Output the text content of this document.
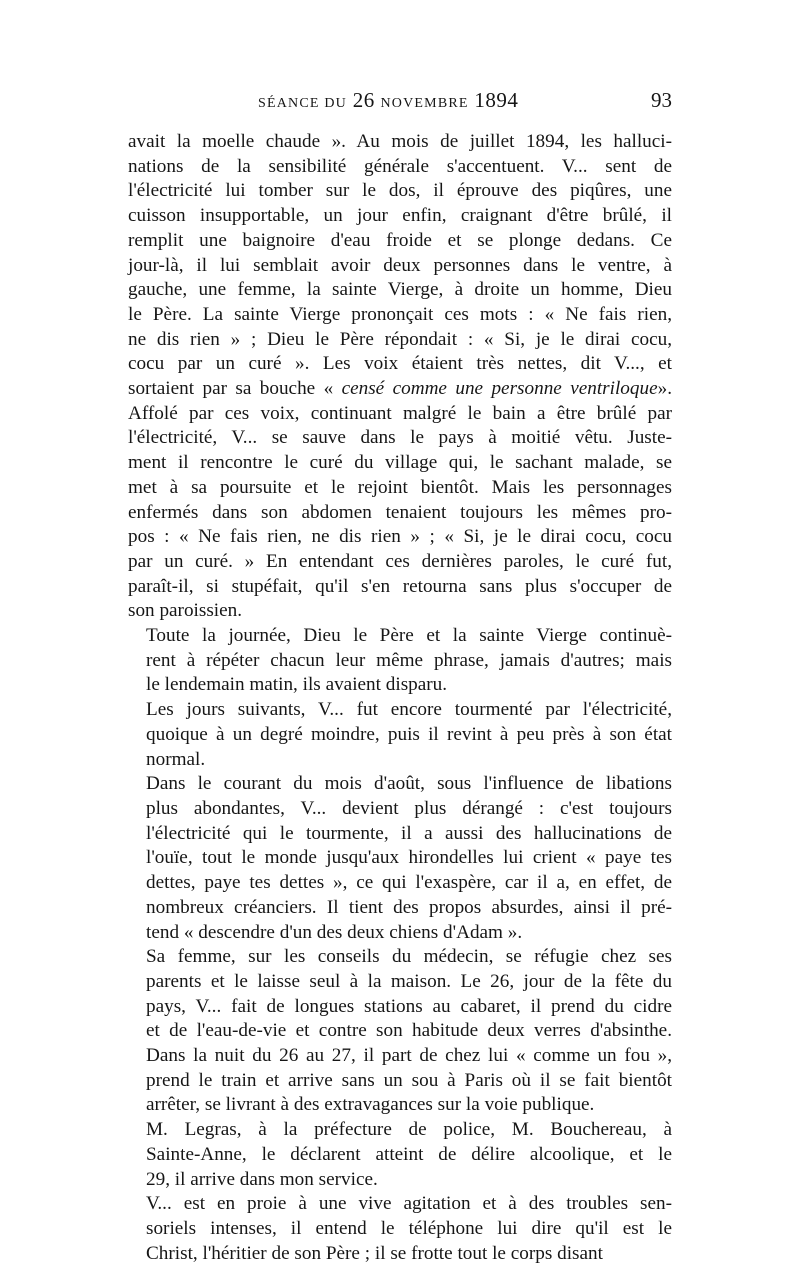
SÉANCE DU 26 NOVEMBRE 1894	93

avait la moelle chaude ». Au mois de juillet 1894, les halluci-
nations de la sensibilité générale s'accentuent. V... sent de
l'électricité lui tomber sur le dos, il éprouve des piqûres, une
cuisson insupportable, un jour enfin, craignant d'être brûlé, il
remplit une baignoire d'eau froide et se plonge dedans. Ce
jour-là, il lui semblait avoir deux personnes dans le ventre, à
gauche, une femme, la sainte Vierge, à droite un homme, Dieu
le Père. La sainte Vierge prononçait ces mots : « Ne fais rien,
ne dis rien » ; Dieu le Père répondait : « Si, je le dirai cocu,
cocu par un curé ». Les voix étaient très nettes, dit V..., et
sortaient par sa bouche « censé comme une personne ventriloque».
Affolé par ces voix, continuant malgré le bain a être brûlé par
l'électricité, V... se sauve dans le pays à moitié vêtu. Juste-
ment il rencontre le curé du village qui, le sachant malade, se
met à sa poursuite et le rejoint bientôt. Mais les personnages
enfermés dans son abdomen tenaient toujours les mêmes pro-
pos : « Ne fais rien, ne dis rien » ; « Si, je le dirai cocu, cocu
par un curé. » En entendant ces dernières paroles, le curé fut,
paraît-il, si stupéfait, qu'il s'en retourna sans plus s'occuper de
son paroissien.

Toute la journée, Dieu le Père et la sainte Vierge continuè-
rent à répéter chacun leur même phrase, jamais d'autres; mais
le lendemain matin, ils avaient disparu.

Les jours suivants, V... fut encore tourmenté par l'électricité,
quoique à un degré moindre, puis il revint à peu près à son état
normal.

Dans le courant du mois d'août, sous l'influence de libations
plus abondantes, V... devient plus dérangé : c'est toujours
l'électricité qui le tourmente, il a aussi des hallucinations de
l'ouïe, tout le monde jusqu'aux hirondelles lui crient « paye tes
dettes, paye tes dettes », ce qui l'exaspère, car il a, en effet, de
nombreux créanciers. Il tient des propos absurdes, ainsi il pré-
tend « descendre d'un des deux chiens d'Adam ».

Sa femme, sur les conseils du médecin, se réfugie chez ses
parents et le laisse seul à la maison. Le 26, jour de la fête du
pays, V... fait de longues stations au cabaret, il prend du cidre
et de l'eau-de-vie et contre son habitude deux verres d'absinthe.
Dans la nuit du 26 au 27, il part de chez lui « comme un fou »,
prend le train et arrive sans un sou à Paris où il se fait bientôt
arrêter, se livrant à des extravagances sur la voie publique.

M. Legras, à la préfecture de police, M. Bouchereau, à
Sainte-Anne, le déclarent atteint de délire alcoolique, et le
29, il arrive dans mon service.

V... est en proie à une vive agitation et à des troubles sen-
soriels intenses, il entend le téléphone lui dire qu'il est le
Christ, l'héritier de son Père ; il se frotte tout le corps disant
